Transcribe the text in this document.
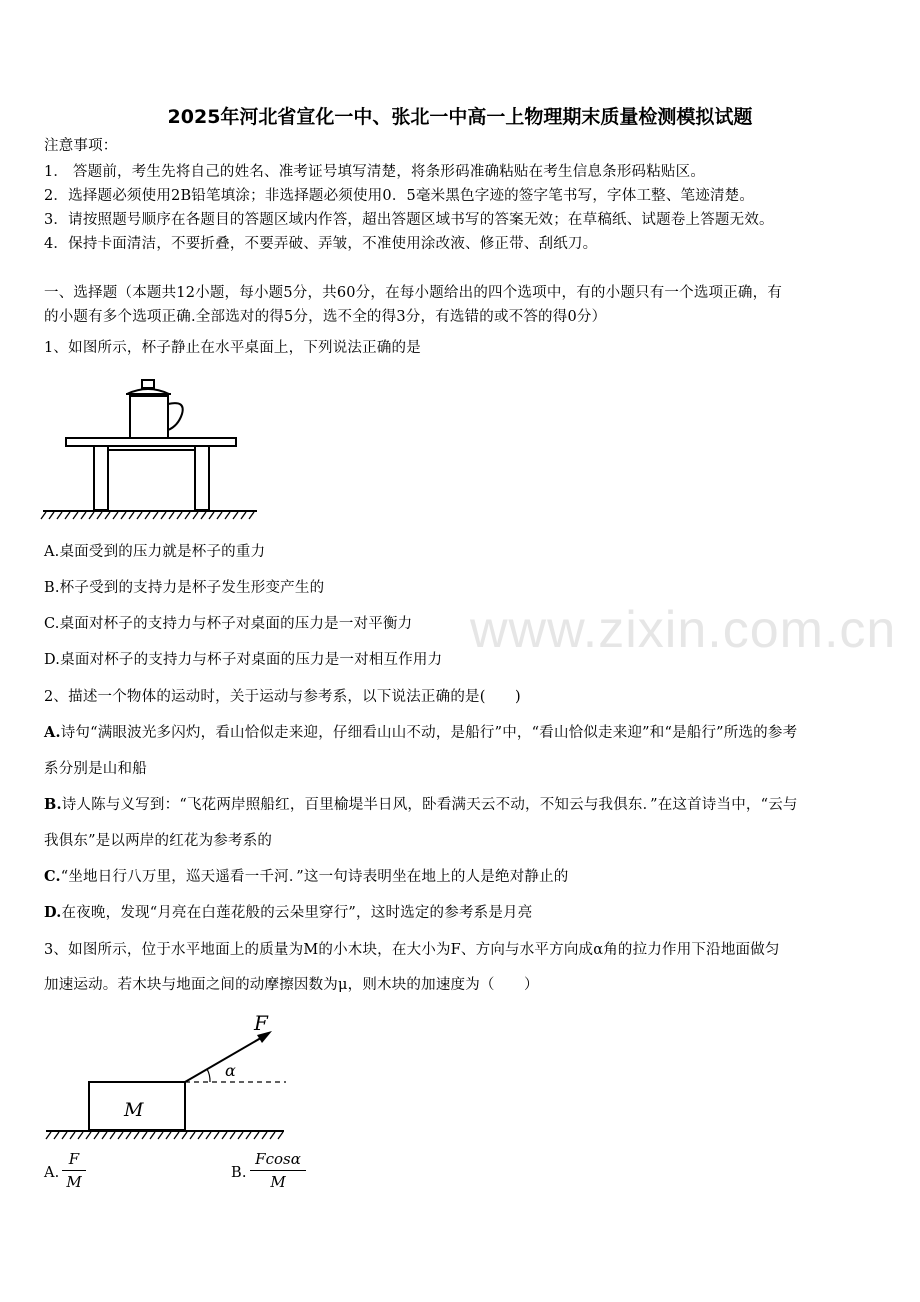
2025年河北省宣化一中、张北一中高一上物理期末质量检测模拟试题
注意事项：
1． 答题前，考生先将自己的姓名、准考证号填写清楚，将条形码准确粘贴在考生信息条形码粘贴区。
2．选择题必须使用2B铅笔填涂；非选择题必须使用0．5毫米黑色字迹的签字笔书写，字体工整、笔迹清楚。
3．请按照题号顺序在各题目的答题区域内作答，超出答题区域书写的答案无效；在草稿纸、试题卷上答题无效。
4．保持卡面清洁，不要折叠，不要弄破、弄皱，不准使用涂改液、修正带、刮纸刀。
一、选择题（本题共12小题，每小题5分，共60分，在每小题给出的四个选项中，有的小题只有一个选项正确，有
的小题有多个选项正确.全部选对的得5分，选不全的得3分，有选错的或不答的得0分）
1、如图所示，杯子静止在水平桌面上，下列说法正确的是
A.桌面受到的压力就是杯子的重力
B.杯子受到的支持力是杯子发生形变产生的
C.桌面对杯子的支持力与杯子对桌面的压力是一对平衡力
D.桌面对杯子的支持力与杯子对桌面的压力是一对相互作用力
2、描述一个物体的运动时，关于运动与参考系，以下说法正确的是(　　)
A.诗句“满眼波光多闪灼，看山恰似走来迎，仔细看山山不动，是船行”中，“看山恰似走来迎”和“是船行”所选的参考
系分别是山和船
B.诗人陈与义写到：“飞花两岸照船红，百里榆堤半日风，卧看满天云不动，不知云与我俱东．”在这首诗当中，“云与
我俱东”是以两岸的红花为参考系的
C.“坐地日行八万里，巡天遥看一千河．”这一句诗表明坐在地上的人是绝对静止的
D.在夜晚，发现“月亮在白莲花般的云朵里穿行”，这时选定的参考系是月亮
3、如图所示，位于水平地面上的质量为M的小木块，在大小为F、方向与水平方向成α角的拉力作用下沿地面做匀
加速运动。若木块与地面之间的动摩擦因数为μ，则木块的加速度为（　　）
F
α
M
A.
F
M	B.
Fcosα
M
www.zixin.com.cn
